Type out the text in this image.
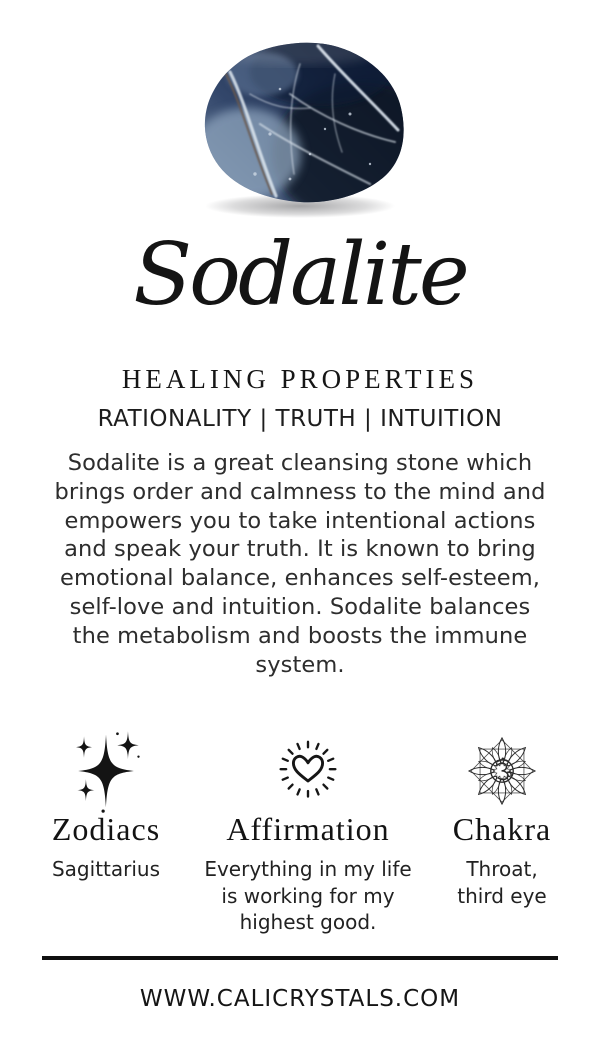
Sodalite
HEALING PROPERTIES
RATIONALITY | TRUTH | INTUITION
Sodalite is a great cleansing stone which brings order and calmness to the mind and empowers you to take intentional actions and speak your truth. It is known to bring emotional balance, enhances self-esteem, self-love and intuition. Sodalite balances the metabolism and boosts the immune system.
Zodiacs
Sagittarius
Affirmation
Everything in my life is working for my highest good.
Chakra
Throat, third eye
WWW.CALICRYSTALS.COM
